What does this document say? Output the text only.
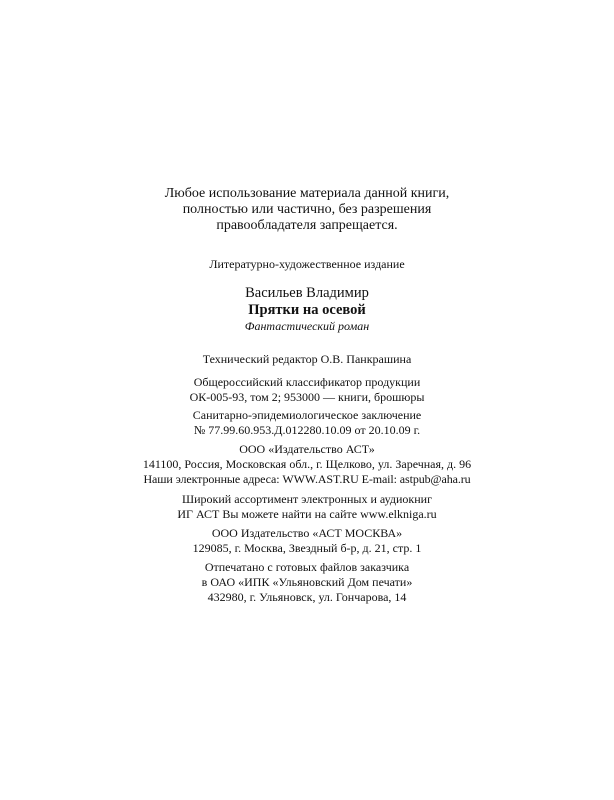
Любое использование материала данной книги,
полностью или частично, без разрешения
правообладателя запрещается.

Литературно-художественное издание

Васильев Владимир

Прятки на осевой

Фантастический роман

Технический редактор О.В. Панкрашина

Общероссийский классификатор продукции
ОК-005-93, том 2; 953000 — книги, брошюры
Санитарно-эпидемиологическое заключение
№ 77.99.60.953.Д.012280.10.09 от 20.10.09 г.
ООО «Издательство АСТ»
141100, Россия, Московская обл., г. Щелково, ул. Заречная, д. 96
Наши электронные адреса: WWW.AST.RU E-mail: astpub@aha.ru
Широкий ассортимент электронных и аудиокниг
ИГ АСТ Вы можете найти на сайте www.elkniga.ru
ООО Издательство «АСТ МОСКВА»
129085, г. Москва, Звездный б-р, д. 21, стр. 1
Отпечатано с готовых файлов заказчика
в ОАО «ИПК «Ульяновский Дом печати»
432980, г. Ульяновск, ул. Гончарова, 14
